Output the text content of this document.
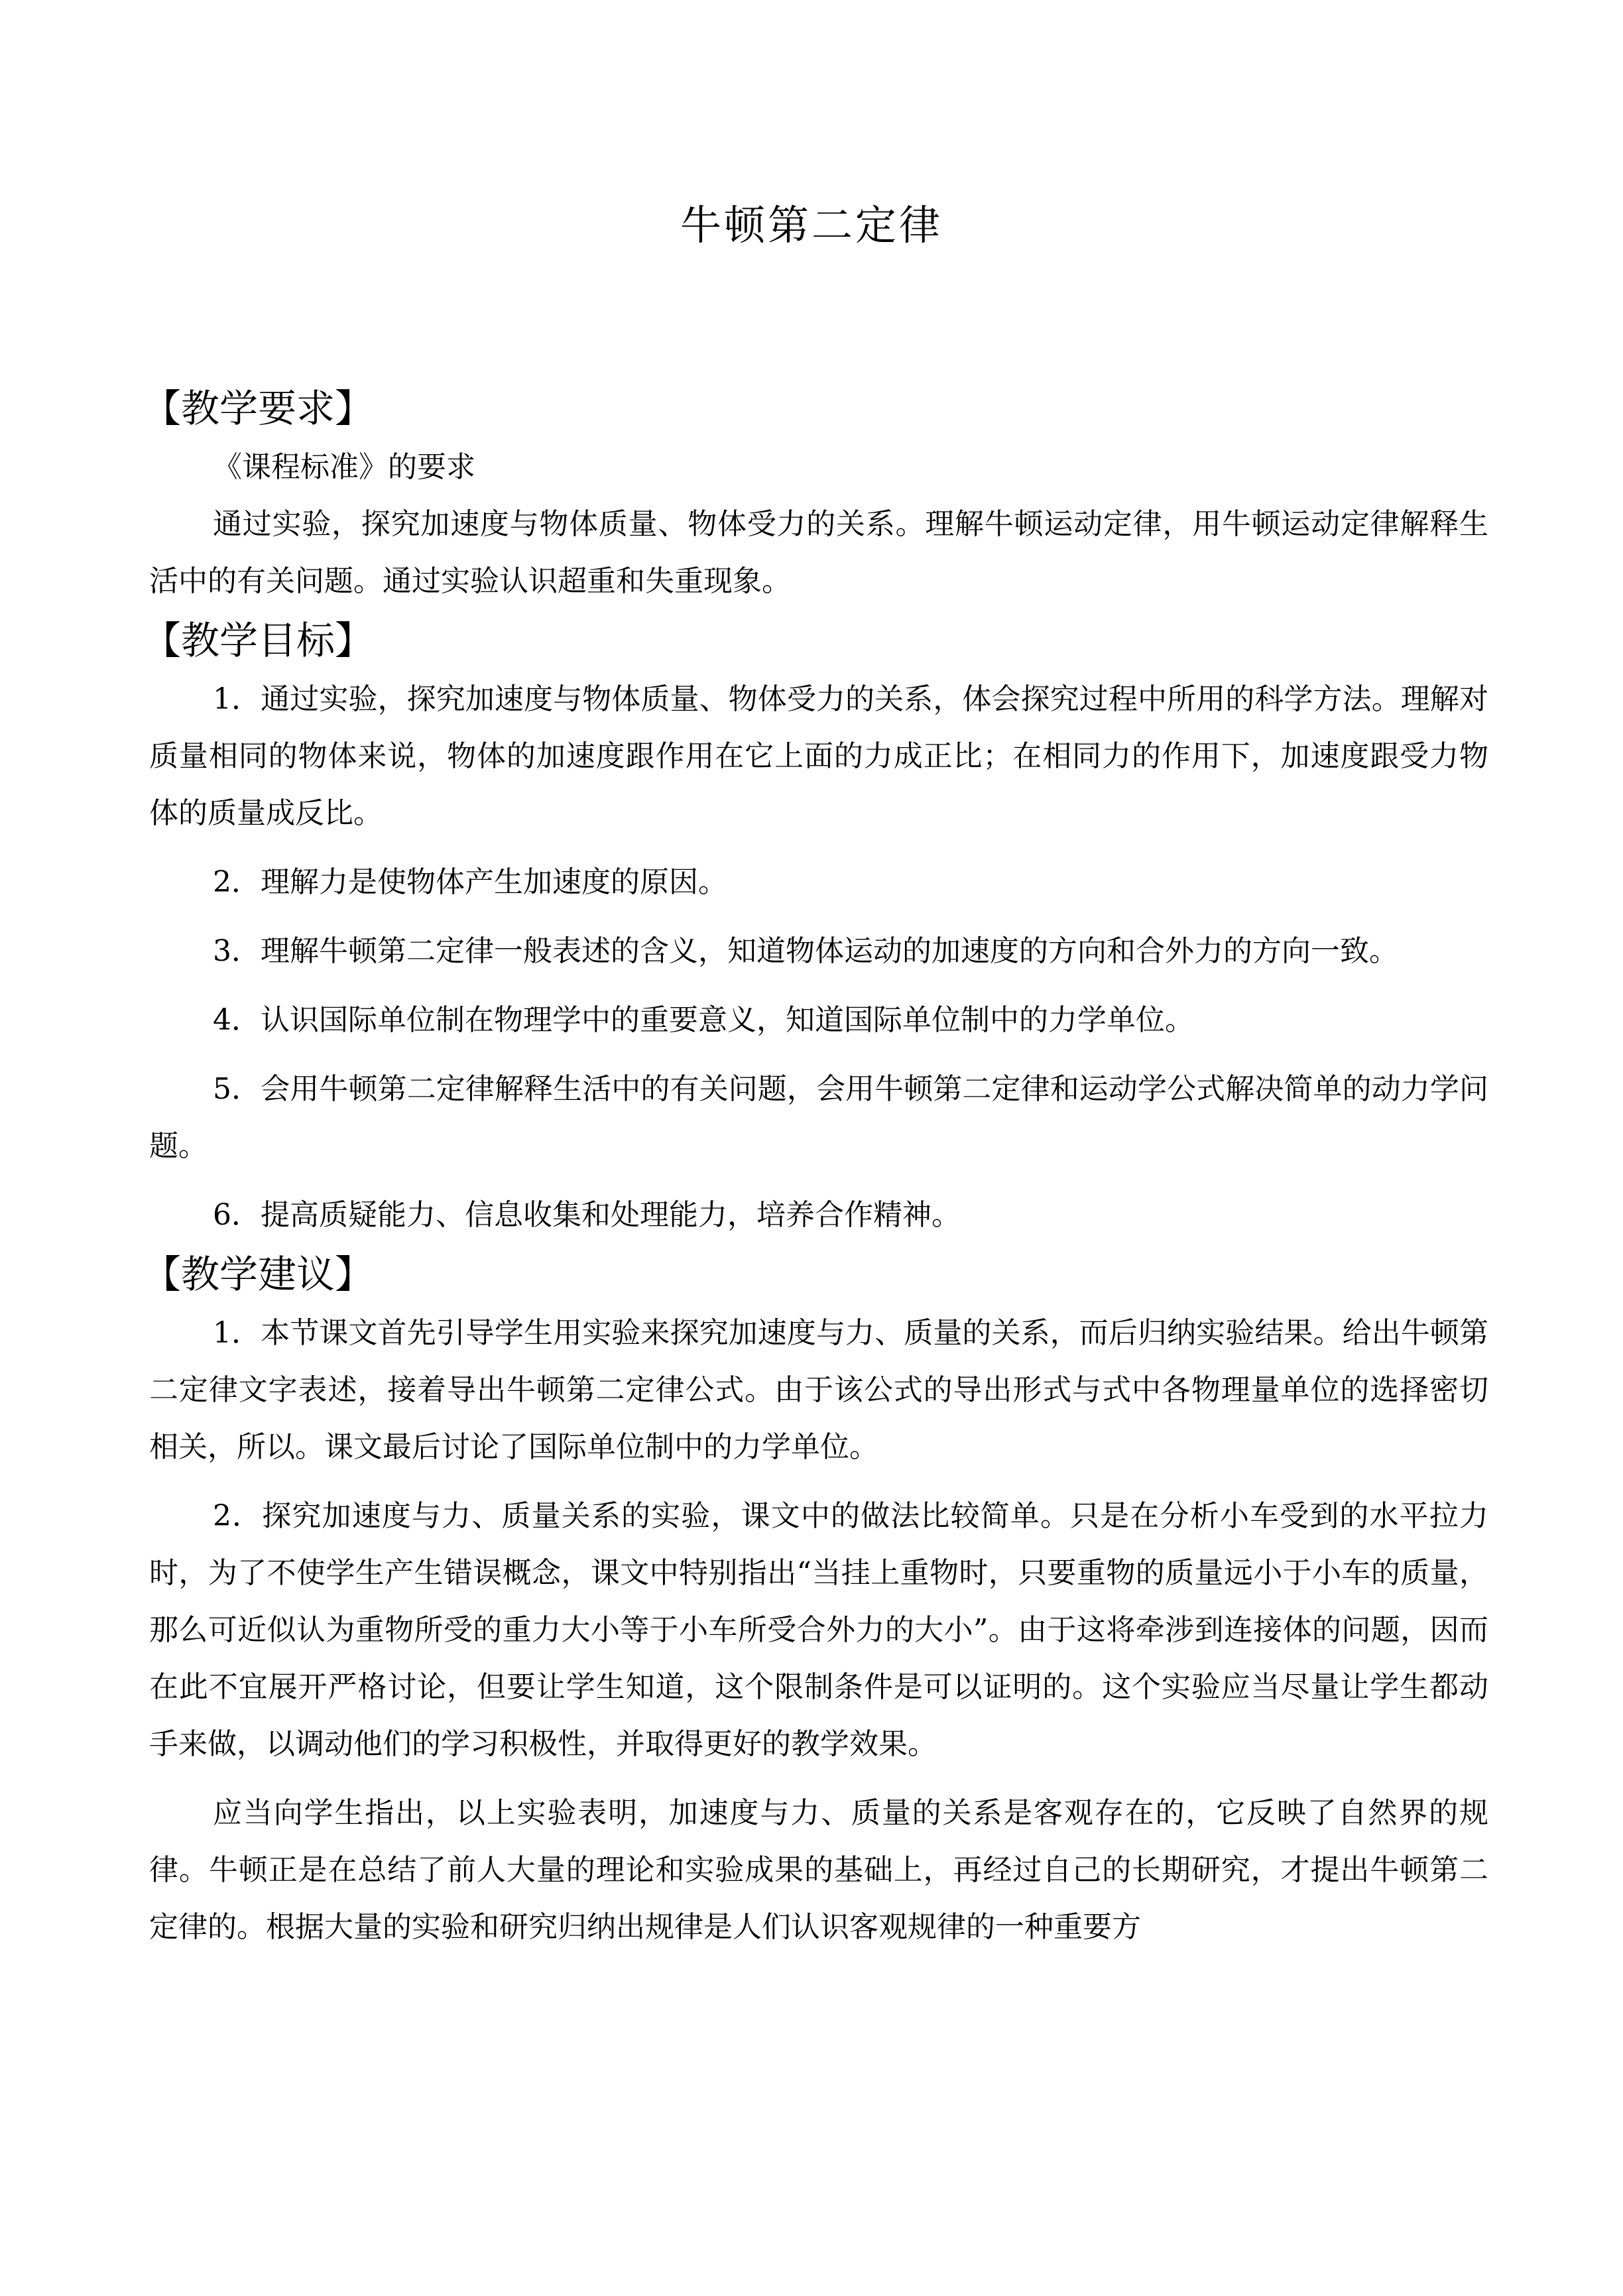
牛顿第二定律
【教学要求】

《课程标准》的要求

通过实验，探究加速度与物体质量、物体受力的关系。理解牛顿运动定律，用牛顿运动定律解释生活中的有关问题。通过实验认识超重和失重现象。

【教学目标】

1．通过实验，探究加速度与物体质量、物体受力的关系，体会探究过程中所用的科学方法。理解对质量相同的物体来说，物体的加速度跟作用在它上面的力成正比；在相同力的作用下，加速度跟受力物体的质量成反比。

2．理解力是使物体产生加速度的原因。

3．理解牛顿第二定律一般表述的含义，知道物体运动的加速度的方向和合外力的方向一致。

4．认识国际单位制在物理学中的重要意义，知道国际单位制中的力学单位。

5．会用牛顿第二定律解释生活中的有关问题，会用牛顿第二定律和运动学公式解决简单的动力学问题。

6．提高质疑能力、信息收集和处理能力，培养合作精神。

【教学建议】

1．本节课文首先引导学生用实验来探究加速度与力、质量的关系，而后归纳实验结果。给出牛顿第二定律文字表述，接着导出牛顿第二定律公式。由于该公式的导出形式与式中各物理量单位的选择密切相关，所以。课文最后讨论了国际单位制中的力学单位。

2．探究加速度与力、质量关系的实验，课文中的做法比较简单。只是在分析小车受到的水平拉力时，为了不使学生产生错误概念，课文中特别指出“当挂上重物时，只要重物的质量远小于小车的质量，那么可近似认为重物所受的重力大小等于小车所受合外力的大小”。由于这将牵涉到连接体的问题，因而在此不宜展开严格讨论，但要让学生知道，这个限制条件是可以证明的。这个实验应当尽量让学生都动手来做，以调动他们的学习积极性，并取得更好的教学效果。

应当向学生指出，以上实验表明，加速度与力、质量的关系是客观存在的，它反映了自然界的规律。牛顿正是在总结了前人大量的理论和实验成果的基础上，再经过自己的长期研究，才提出牛顿第二定律的。根据大量的实验和研究归纳出规律是人们认识客观规律的一种重要方
